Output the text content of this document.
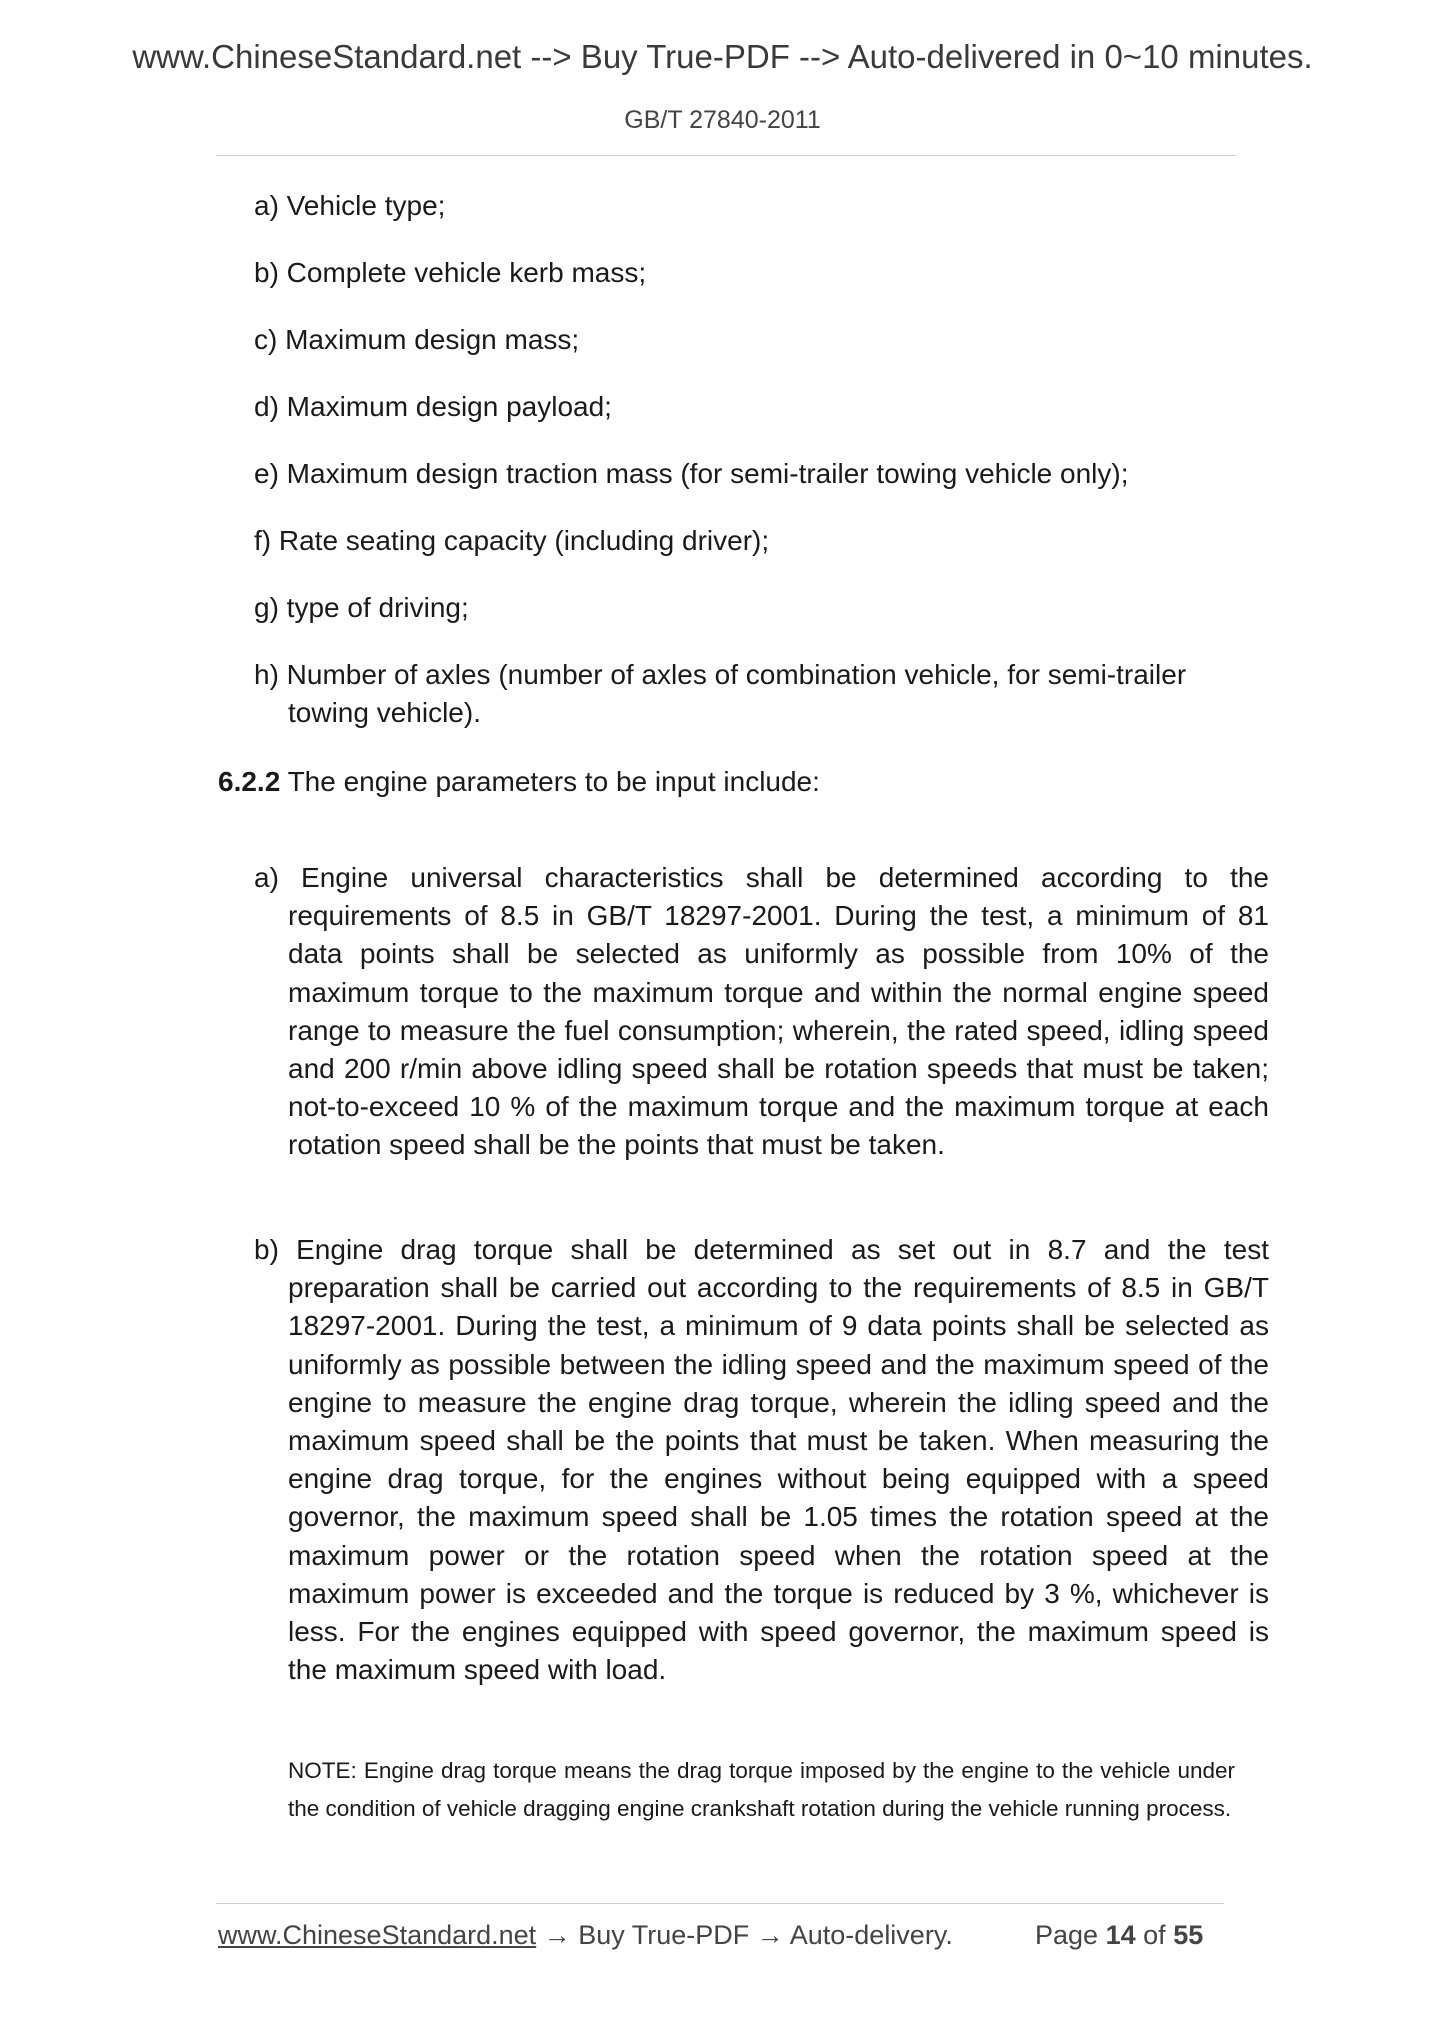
www.ChineseStandard.net --> Buy True-PDF --> Auto-delivered in 0~10 minutes.
GB/T 27840-2011

a) Vehicle type;

b) Complete vehicle kerb mass;

c) Maximum design mass;

d) Maximum design payload;

e) Maximum design traction mass (for semi-trailer towing vehicle only);

f) Rate seating capacity (including driver);

g) type of driving;

h) Number of axles (number of axles of combination vehicle, for semi-trailer towing vehicle).

6.2.2 The engine parameters to be input include:

a) Engine universal characteristics shall be determined according to the requirements of 8.5 in GB/T 18297-2001. During the test, a minimum of 81 data points shall be selected as uniformly as possible from 10% of the maximum torque to the maximum torque and within the normal engine speed range to measure the fuel consumption; wherein, the rated speed, idling speed and 200 r/min above idling speed shall be rotation speeds that must be taken; not-to-exceed 10 % of the maximum torque and the maximum torque at each rotation speed shall be the points that must be taken.

b) Engine drag torque shall be determined as set out in 8.7 and the test preparation shall be carried out according to the requirements of 8.5 in GB/T 18297-2001. During the test, a minimum of 9 data points shall be selected as uniformly as possible between the idling speed and the maximum speed of the engine to measure the engine drag torque, wherein the idling speed and the maximum speed shall be the points that must be taken. When measuring the engine drag torque, for the engines without being equipped with a speed governor, the maximum speed shall be 1.05 times the rotation speed at the maximum power or the rotation speed when the rotation speed at the maximum power is exceeded and the torque is reduced by 3 %, whichever is less. For the engines equipped with speed governor, the maximum speed is the maximum speed with load.

NOTE: Engine drag torque means the drag torque imposed by the engine to the vehicle under the condition of vehicle dragging engine crankshaft rotation during the vehicle running process.

www.ChineseStandard.net → Buy True-PDF → Auto-delivery.	Page 14 of 55
